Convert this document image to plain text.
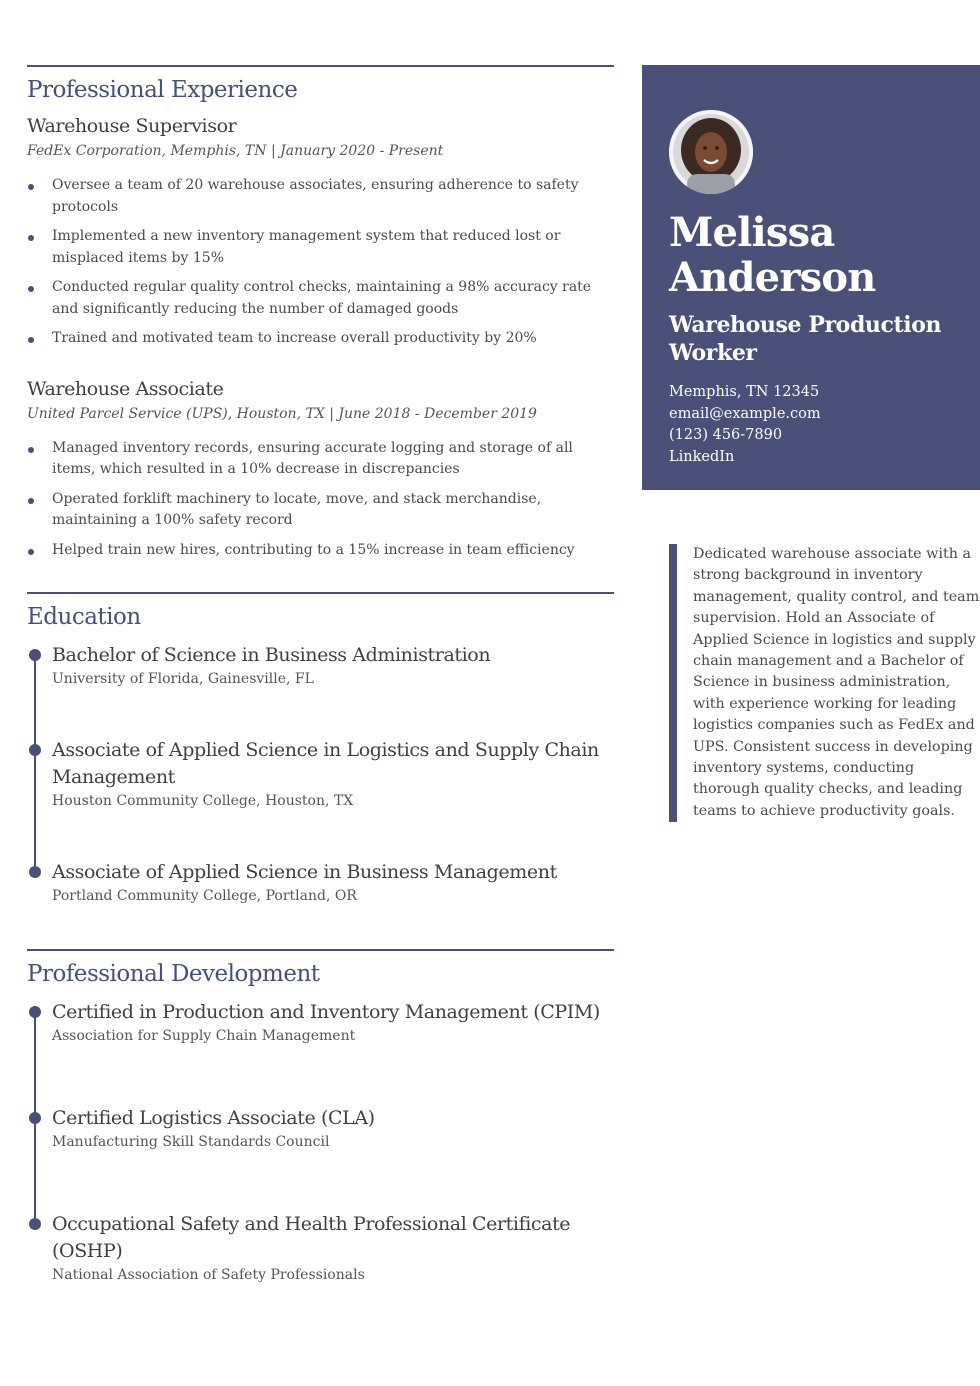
Professional Experience
Warehouse Supervisor
FedEx Corporation, Memphis, TN | January 2020 - Present
Oversee a team of 20 warehouse associates, ensuring adherence to safety protocols
Implemented a new inventory management system that reduced lost or misplaced items by 15%
Conducted regular quality control checks, maintaining a 98% accuracy rate and significantly reducing the number of damaged goods
Trained and motivated team to increase overall productivity by 20%
Warehouse Associate
United Parcel Service (UPS), Houston, TX | June 2018 - December 2019
Managed inventory records, ensuring accurate logging and storage of all items, which resulted in a 10% decrease in discrepancies
Operated forklift machinery to locate, move, and stack merchandise, maintaining a 100% safety record
Helped train new hires, contributing to a 15% increase in team efficiency
Education
Bachelor of Science in Business Administration
University of Florida, Gainesville, FL
Associate of Applied Science in Logistics and Supply Chain Management
Houston Community College, Houston, TX
Associate of Applied Science in Business Management
Portland Community College, Portland, OR
Professional Development
Certified in Production and Inventory Management (CPIM)
Association for Supply Chain Management
Certified Logistics Associate (CLA)
Manufacturing Skill Standards Council
Occupational Safety and Health Professional Certificate (OSHP)
National Association of Safety Professionals
Melissa
Anderson
Warehouse Production Worker
Memphis, TN 12345
email@example.com
(123) 456-7890
LinkedIn
Dedicated warehouse associate with a strong background in inventory management, quality control, and team supervision. Hold an Associate of Applied Science in logistics and supply chain management and a Bachelor of Science in business administration, with experience working for leading logistics companies such as FedEx and UPS. Consistent success in developing inventory systems, conducting thorough quality checks, and leading teams to achieve productivity goals.
